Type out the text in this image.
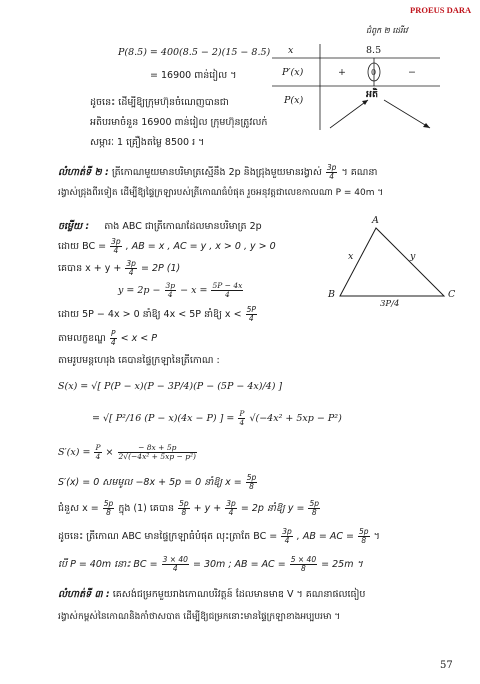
PROEUS DARA
ជំពូក ២ ដេរីវេ
P(8.5) = 400(8.5 − 2)(15 − 8.5)
= 16900 ពាន់រៀល ។
ដូចនេះ ដើម្បីឱ្យក្រុមហ៊ុនចំណេញបានជា
អតិបរមាចំនួន 16900 ពាន់រៀល ក្រុមហ៊ុនត្រូវលក់
សម្ភារៈ 1 គ្រឿងតម្លៃ 8500 រ ។
x	8.5
P′(x)	+	0	−
P(x)
អតិ
លំហាត់ទី ២ : ត្រីកោណមួយមានបរិមាត្រស្មើនឹង 2p និងជ្រុងមួយមានរង្វាស់ $\frac{3p}{4}$ ។ គណនា
រង្វាស់ជ្រុងពីរទៀត ដើម្បីឱ្យផ្ទៃក្រឡារបស់ត្រីកោណធំបំផុត រួចអនុវត្តជាលេខកាលណា P = 40m ។
A
B	C
x	y
3P/4
ចម្លើយ : តាង ABC ជាត្រីកោណដែលមានបរិមាត្រ 2p
ដោយ BC = $\frac{3p}{4}$ , AB = x , AC = y , x > 0 , y > 0
គេបាន $x + y + \frac{3p}{4} = 2P$ (1)
$y = 2p - \frac{3p}{4} - x = \frac{5P - 4x}{4}$
ដោយ 5P − 4x > 0 នាំឱ្យ 4x < 5P នាំឱ្យ $x < \frac{5P}{4}$
តាមលក្ខខណ្ឌ $\frac{P}{4} < x < P$
តាមរូបមន្តហេរុង គេបានផ្ទៃក្រឡានៃត្រីកោណ :
S(x) = √[ P(P − x)(P − 3P/4)(P − (5P − 4x)/4) ]
= √[ P²/16 (P − x)(4x − P) ] = $\frac{P}{4} √(-4x^2 + 5xp - P^2)$
$S'(x) = \frac{P}{4} \times \frac{- 8x + 5p}{\text{2√(−4x² + 5xp − p²)}}$
S′(x) = 0 សមមូល −8x + 5p = 0 នាំឱ្យ $x = \frac{5p}{8}$
ជំនួស $x = \frac{5p}{8}$ ក្នុង (1) គេបាន $\frac{5p}{8} + y + \frac{3p}{4} = 2p$ នាំឱ្យ $y = \frac{5p}{8}$
ដូចនេះ ត្រីកោណ ABC មានផ្ទៃក្រឡាធំបំផុត លុះត្រាតែ BC = $\frac{3p}{4}$ , AB = AC = $\frac{5p}{8}$ ។
បើ P = 40m នោះ BC = $\frac{3 \times 40}{4} = 30m$ ; AB = AC = $\frac{5 \times 40}{8} = 25m$ ។
លំហាត់ទី ៣ : គេសង់ជម្រកមួយរាងកោណបរិវត្តន៍ ដែលមានមាឌ V ។ គណនាផលធៀប
រង្វាស់កម្ពស់នៃកោណនិងកាំថាសបាត ដើម្បីឱ្យជម្រកនោះមានផ្ទៃក្រឡាខាងអប្បបរមា ។
57
